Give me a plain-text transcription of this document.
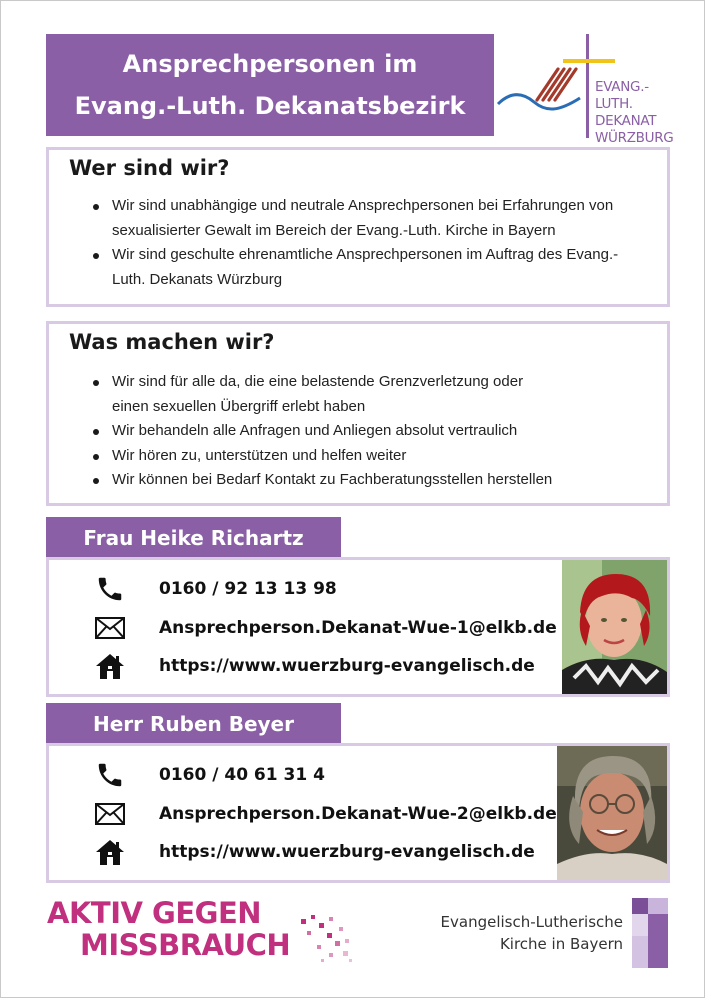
Ansprechpersonen im
Evang.-Luth. Dekanatsbezirk
EVANG.-LUTH.
DEKANAT
WÜRZBURG
Wer sind wir?
Wir sind unabhängige und neutrale Ansprechpersonen bei Erfahrungen von sexualisierter Gewalt im Bereich der Evang.-Luth. Kirche in Bayern
Wir sind geschulte ehrenamtliche Ansprechpersonen im Auftrag des Evang.-Luth. Dekanats Würzburg
Was machen wir?
Wir sind für alle da, die eine belastende Grenzverletzung oder einen sexuellen Übergriff erlebt haben
Wir behandeln alle Anfragen und Anliegen absolut vertraulich
Wir hören zu, unterstützen und helfen weiter
Wir können bei Bedarf Kontakt zu Fachberatungsstellen herstellen
Frau Heike Richartz
0160 / 92 13 13 98
Ansprechperson.Dekanat-Wue-1@elkb.de
https://www.wuerzburg-evangelisch.de
Herr Ruben Beyer
0160 / 40 61 31 4
Ansprechperson.Dekanat-Wue-2@elkb.de
https://www.wuerzburg-evangelisch.de
AKTIV GEGEN
MISSBRAUCH
Evangelisch-Lutherische
Kirche in Bayern
